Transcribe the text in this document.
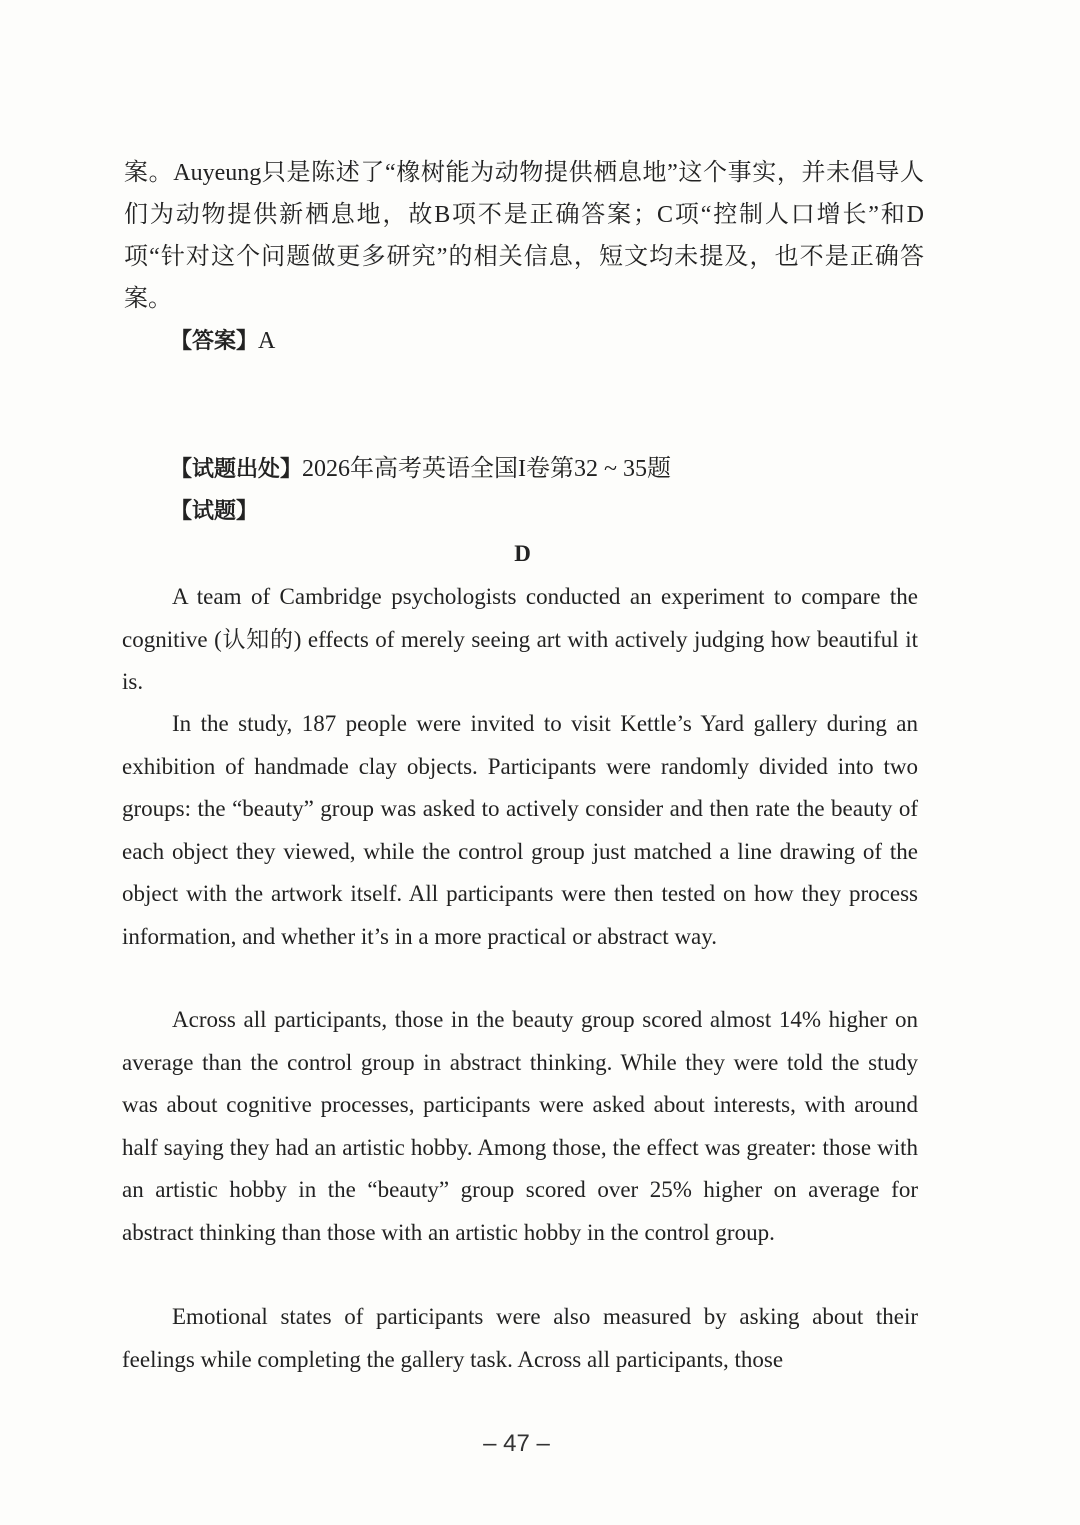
案。Auyeung只是陈述了“橡树能为动物提供栖息地”这个事实，并未倡导人们为动物提供新栖息地，故B项不是正确答案；C项“控制人口增长”和D项“针对这个问题做更多研究”的相关信息，短文均未提及，也不是正确答案。

【答案】A

【试题出处】2026年高考英语全国I卷第32 ~ 35题

【试题】

D

A team of Cambridge psychologists conducted an experiment to compare the cognitive (认知的) effects of merely seeing art with actively judging how beautiful it is.

In the study, 187 people were invited to visit Kettle’s Yard gallery during an exhibition of handmade clay objects. Participants were randomly divided into two groups: the “beauty” group was asked to actively consider and then rate the beauty of each object they viewed, while the control group just matched a line drawing of the object with the artwork itself. All participants were then tested on how they process information, and whether it’s in a more practical or abstract way.

Across all participants, those in the beauty group scored almost 14% higher on average than the control group in abstract thinking. While they were told the study was about cognitive processes, participants were asked about interests, with around half saying they had an artistic hobby. Among those, the effect was greater: those with an artistic hobby in the “beauty” group scored over 25% higher on average for abstract thinking than those with an artistic hobby in the control group.

Emotional states of participants were also measured by asking about their feelings while completing the gallery task. Across all participants, those

– 47 –
